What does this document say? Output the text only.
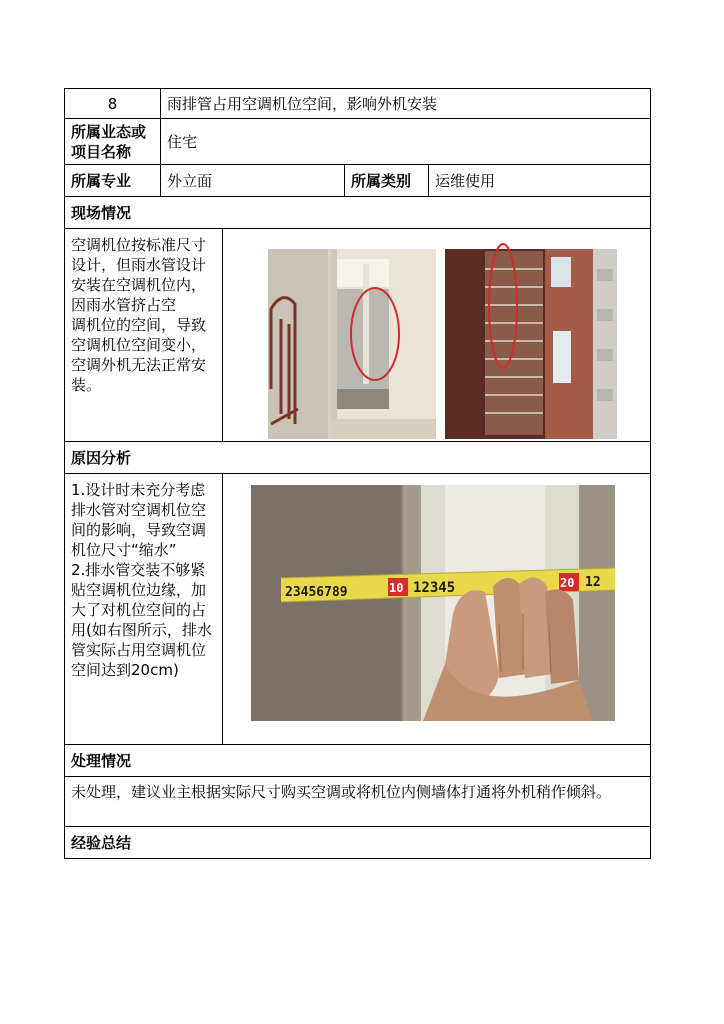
8	雨排管占用空调机位空间，影响外机安装			
所属业态或项目名称	住宅			
所属专业	外立面		所属类别	运维使用
现场情况				
空调机位按标准尺寸设计，但雨水管设计安装在空调机位内，因雨水管挤占空
调机位的空间，导致空调机位空间变小，空调外机无法正常安装。	

原因分析				
1.设计时未充分考虑排水管对空调机位空间的影响，导致空调机位尺寸“缩水”
2.排水管交装不够紧贴空调机位边缘，加大了对机位空间的占用(如右图所示，排水管实际占用空调机位空间达到20cm)		23456789 10 12345 20 12		

处理情况				
未处理，建议业主根据实际尺寸购买空调或将机位内侧墙体打通将外机稍作倾斜。				
经验总结				
